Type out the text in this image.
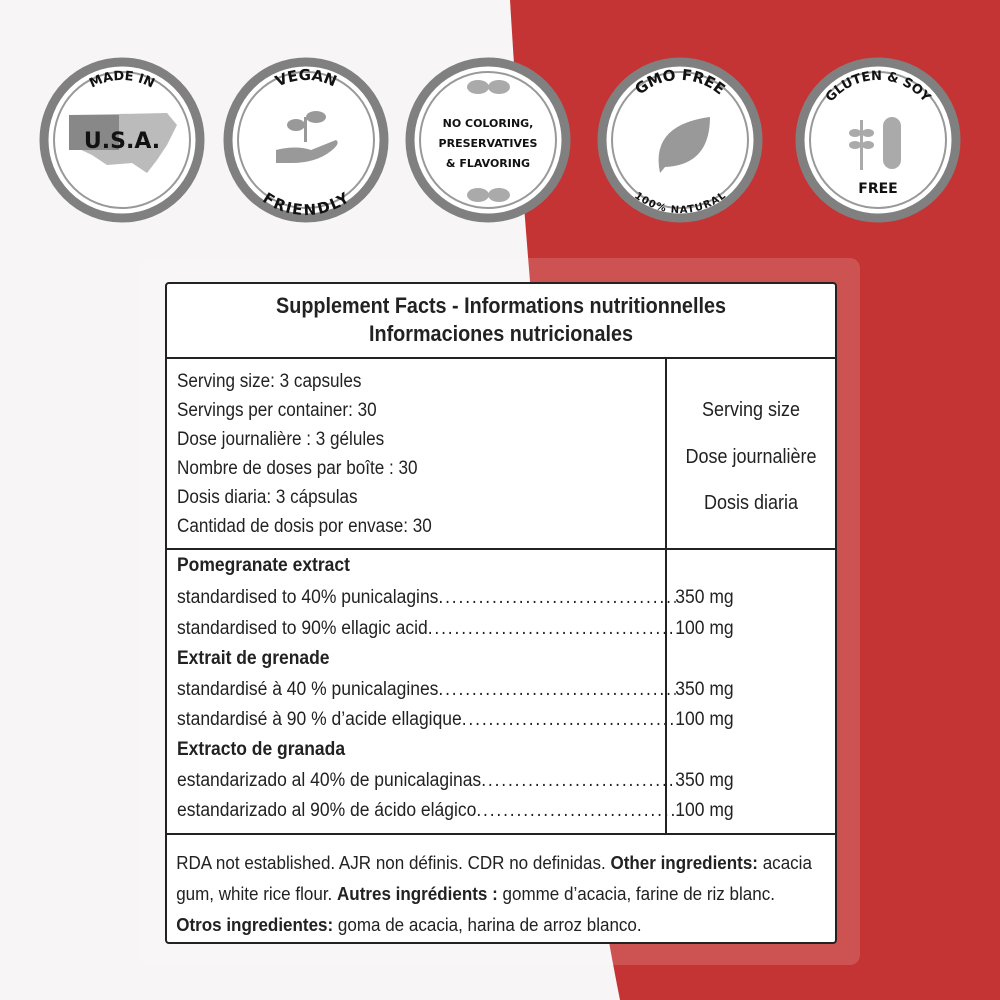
MADE IN
U.S.A.
VEGAN
FRIENDLY
NO COLORING,
PRESERVATIVES
& FLAVORING
GMO FREE
100% NATURAL
GLUTEN & SOY
FREE
Supplement Facts - Informations nutritionnelles
Informaciones nutricionales
Serving size: 3 capsules
Servings per container: 30
Dose journalière : 3 gélules
Nombre de doses par boîte : 30
Dosis diaria: 3 cápsulas
Cantidad de dosis por envase: 30
Serving size
Dose journalière
Dosis diaria
Pomegranate extract
standardised to 40% punicalagins .....	350 mg
standardised to 90% ellagic acid .....	100 mg
Extrait de grenade
standardisé à 40 % punicalagines .....	350 mg
standardisé à 90 % d’acide ellagique .....	100 mg
Extracto de granada
estandarizado al 40% de punicalaginas .....	350 mg
estandarizado al 90% de ácido elágico .....	100 mg
RDA not established. AJR non définis. CDR no definidas. Other ingredients: acacia gum, white rice flour. Autres ingrédients : gomme d’acacia, farine de riz blanc. Otros ingredientes: goma de acacia, harina de arroz blanco.
